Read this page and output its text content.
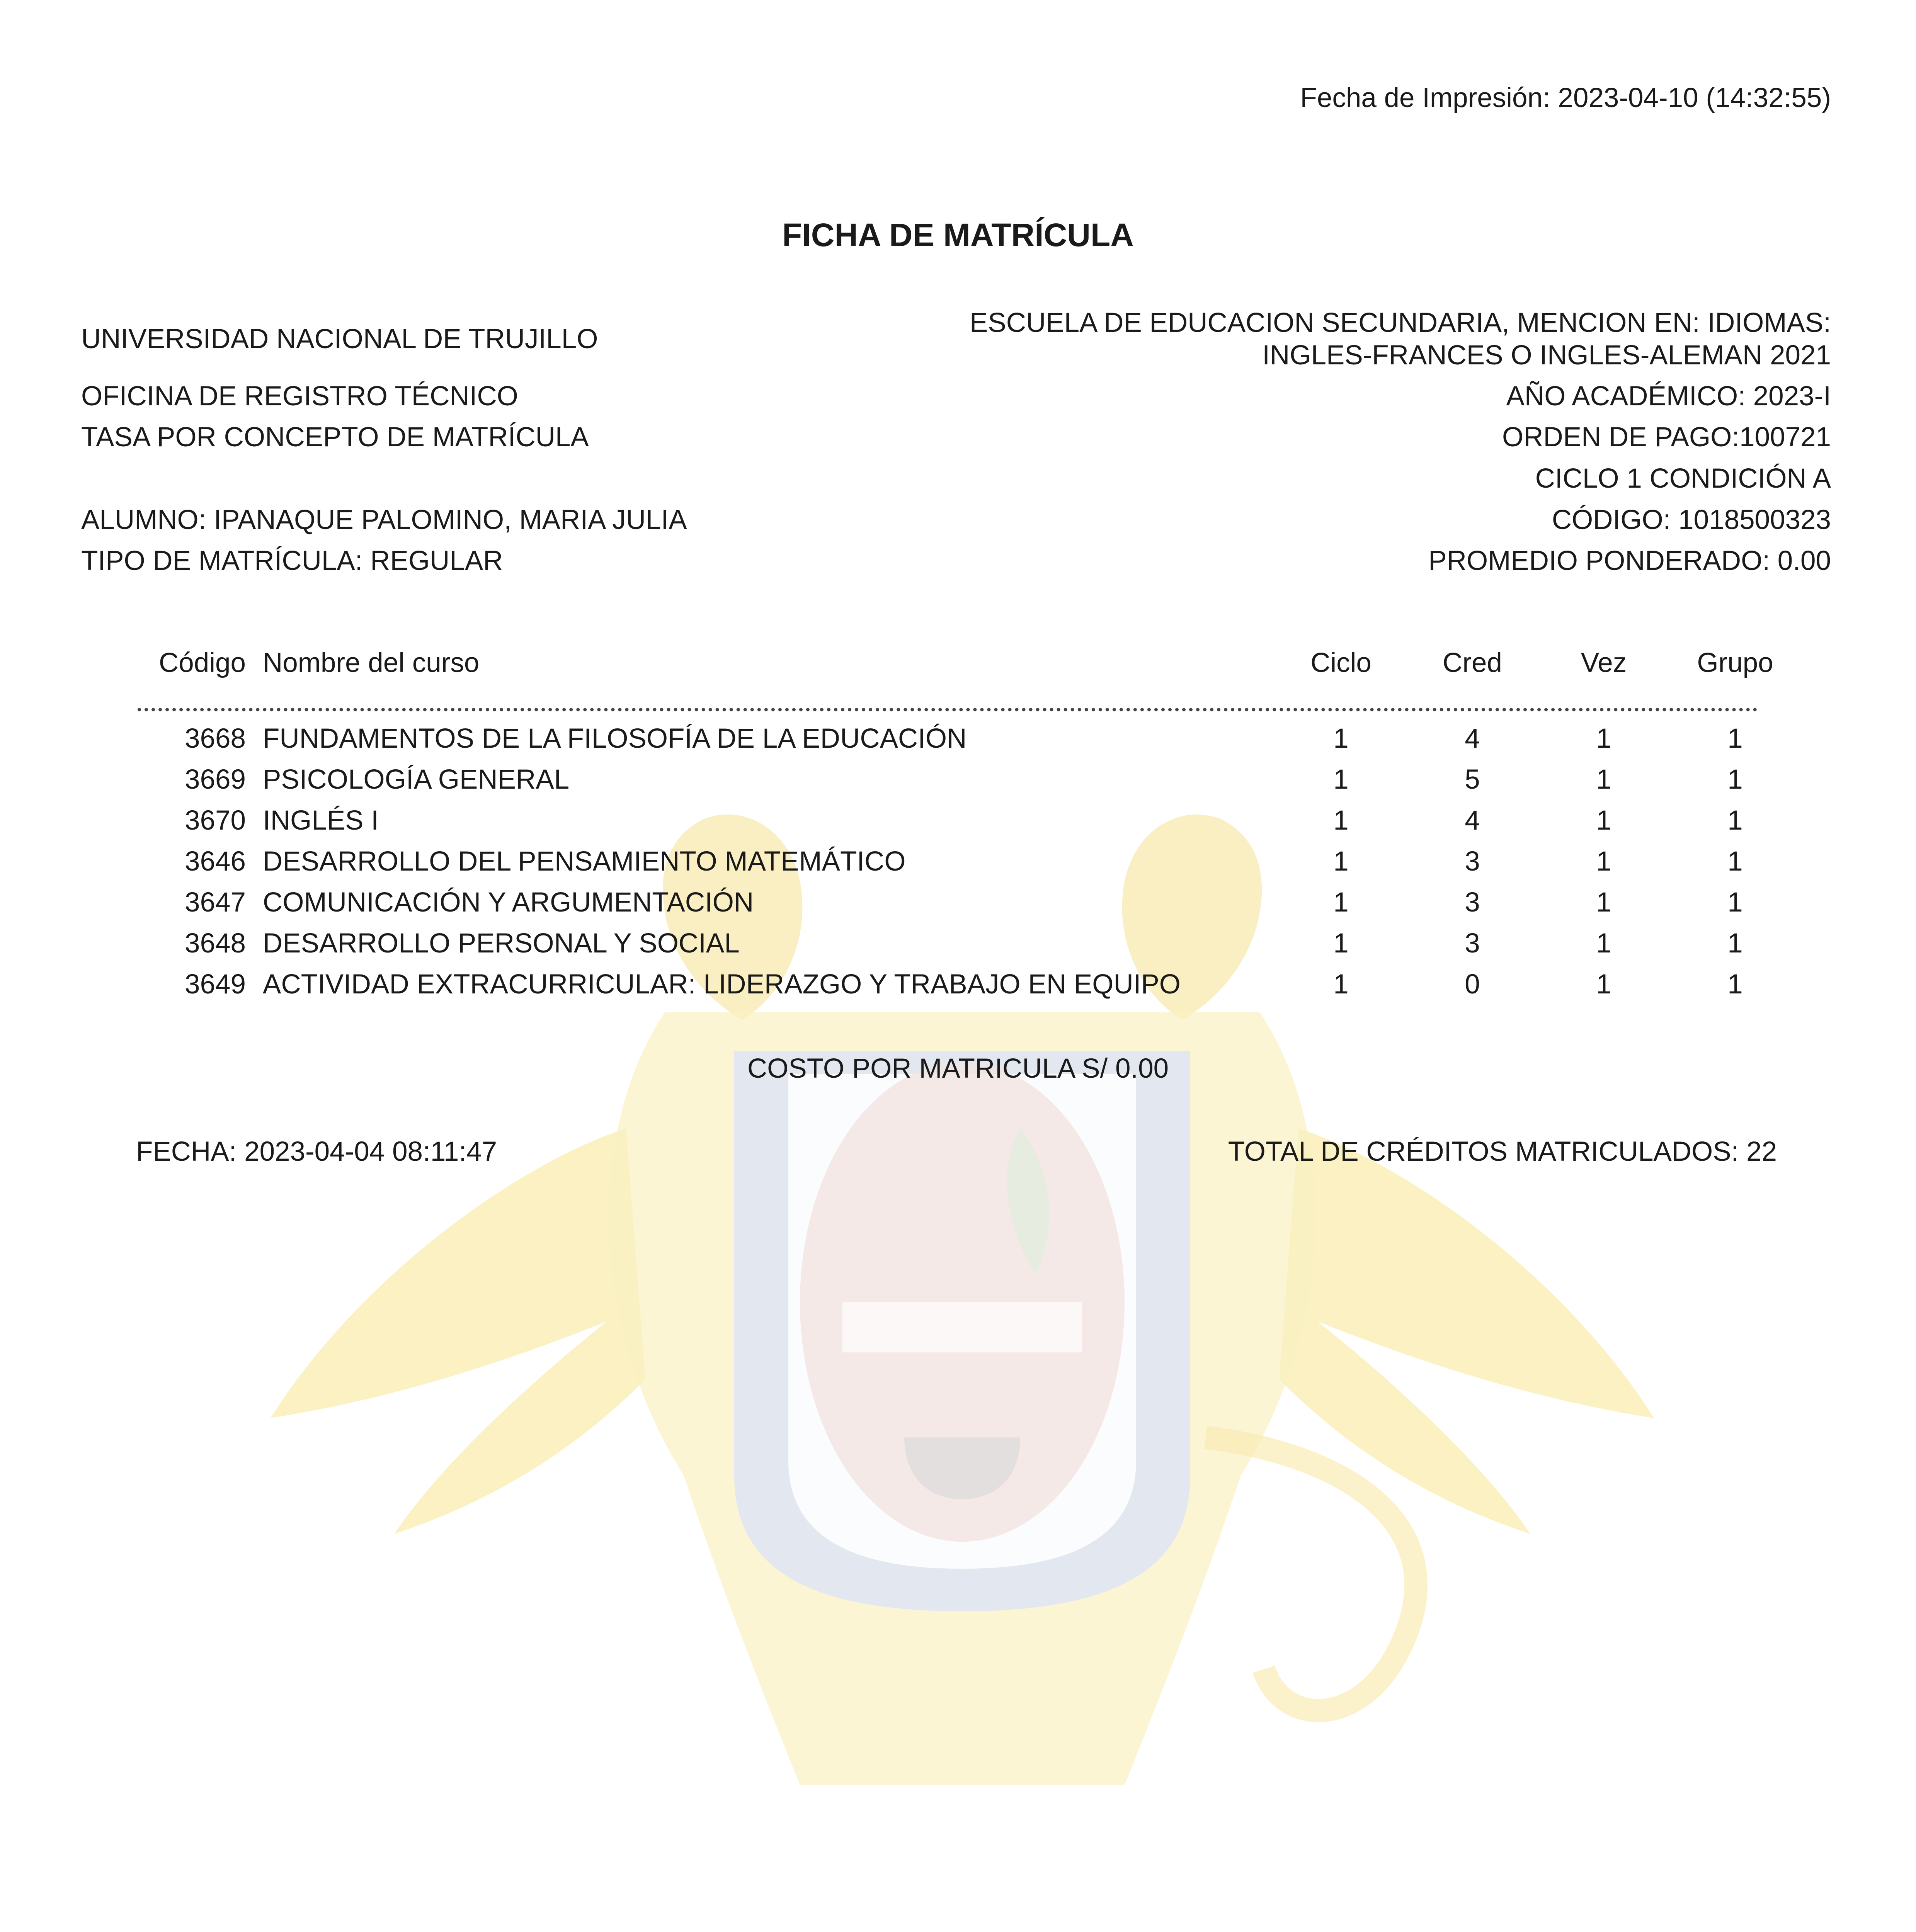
Fecha de Impresión: 2023-04-10 (14:32:55)
FICHA DE MATRÍCULA
UNIVERSIDAD NACIONAL DE TRUJILLO
OFICINA DE REGISTRO TÉCNICO
TASA POR CONCEPTO DE MATRÍCULA
ALUMNO: IPANAQUE PALOMINO, MARIA JULIA
TIPO DE MATRÍCULA: REGULAR
ESCUELA DE EDUCACION SECUNDARIA, MENCION EN: IDIOMAS:
INGLES-FRANCES O INGLES-ALEMAN 2021
AÑO ACADÉMICO: 2023-I
ORDEN DE PAGO:100721
CICLO 1 CONDICIÓN A
CÓDIGO: 1018500323
PROMEDIO PONDERADO: 0.00
Código	Nombre del curso	Ciclo	Cred	Vez	Grupo

3668	FUNDAMENTOS DE LA FILOSOFÍA DE LA EDUCACIÓN	1	4	1	1
3669	PSICOLOGÍA GENERAL	1	5	1	1
3670	INGLÉS I	1	4	1	1
3646	DESARROLLO DEL PENSAMIENTO MATEMÁTICO	1	3	1	1
3647	COMUNICACIÓN Y ARGUMENTACIÓN	1	3	1	1
3648	DESARROLLO PERSONAL Y SOCIAL	1	3	1	1
3649	ACTIVIDAD EXTRACURRICULAR: LIDERAZGO Y TRABAJO EN EQUIPO	1	0	1	1
COSTO POR MATRICULA S/ 0.00
FECHA: 2023-04-04 08:11:47	TOTAL DE CRÉDITOS MATRICULADOS: 22
